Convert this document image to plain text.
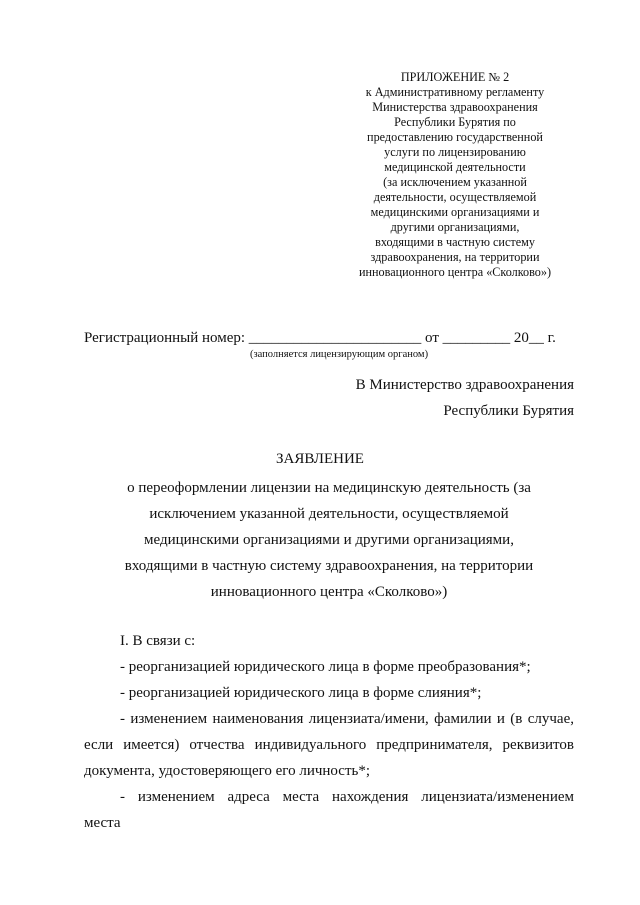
ПРИЛОЖЕНИЕ № 2
к Административному регламенту
Министерства здравоохранения
Республики Бурятия по
предоставлению государственной
услуги по лицензированию
медицинской деятельности
(за исключением указанной
деятельности, осуществляемой
медицинскими организациями и
другими организациями,
входящими в частную систему
здравоохранения, на территории
инновационного центра «Сколково»)
Регистрационный номер: _______________________ от _________ 20__ г.
(заполняется лицензирующим органом)
В Министерство здравоохранения
Республики Бурятия
ЗАЯВЛЕНИЕ
о переоформлении лицензии на медицинскую деятельность (за
исключением указанной деятельности, осуществляемой
медицинскими организациями и другими организациями,
входящими в частную систему здравоохранения, на территории
инновационного центра «Сколково»)
I. В связи с:
- реорганизацией юридического лица в форме преобразования*;
- реорганизацией юридического лица в форме слияния*;
- изменением наименования лицензиата/имени, фамилии и (в случае,
если имеется) отчества индивидуального предпринимателя, реквизитов
документа, удостоверяющего его личность*;
- изменением адреса места нахождения лицензиата/изменением
места
